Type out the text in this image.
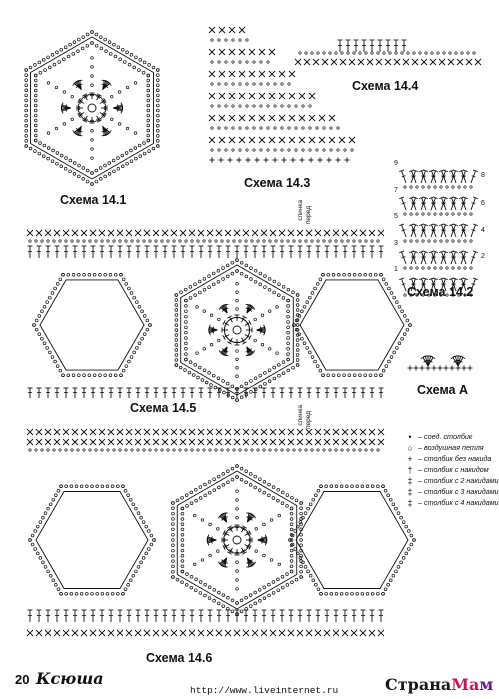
Схема 14.1
Схема 14.3
Схема 14.4
Схема 14.2
Схема 14.5
Схема А
Схема 14.6
спинка перед
спинка перед
9
7
5
3
1
8
6
4
2
• – соед. столбик
○ – воздушная петля
+ – столбик без накида
† – столбик с накидом
‡ – столбик с 2 накидами
‡ – столбик с 3 накидами
‡ – столбик с 4 накидами
20 Ксюша
http://www.liveinternet.ru	СтранаМам
